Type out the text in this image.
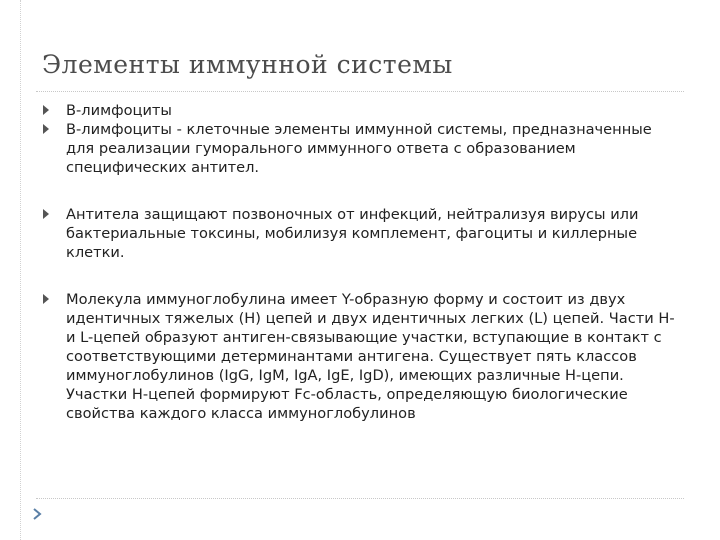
Элементы иммунной системы
В-лимфоциты
В-лимфоциты - клеточные элементы иммунной системы, предназначенные для реализации гуморального иммунного ответа с образованием специфических антител.
Антитела защищают позвоночных от инфекций, нейтрализуя вирусы или бактериальные токсины, мобилизуя комплемент, фагоциты и киллерные клетки.
Молекула иммуноглобулина имеет Y-образную форму и состоит из двух идентичных тяжелых (H) цепей и двух идентичных легких (L) цепей. Части H- и L-цепей образуют антиген-связывающие участки, вступающие в контакт с соответствующими детерминантами антигена. Существует пять классов иммуноглобулинов (IgG, IgM, IgA, IgE, IgD), имеющих различные H-цепи. Участки H-цепей формируют Fc-область, определяющую биологические свойства каждого класса иммуноглобулинов
